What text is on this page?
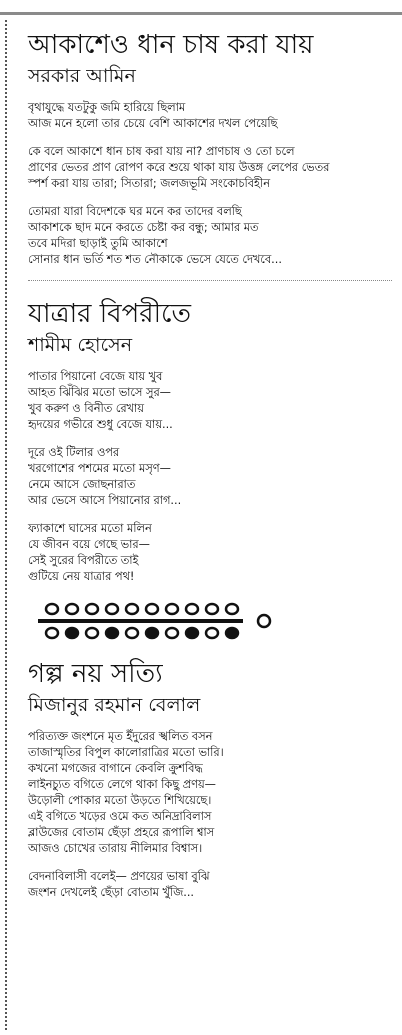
আকাশেও ধান চাষ করা যায়
সরকার আমিন
বৃথাযুদ্ধে যতটুকু জমি হারিয়ে ছিলাম
আজ মনে হলো তার চেয়ে বেশি আকাশের দখল পেয়েছি
কে বলে আকাশে ধান চাষ করা যায় না? প্রাণচাষ ও তো চলে
প্রাণের ভেতর প্রাণ রোপণ করে শুয়ে থাকা যায় উত্তঙ্গ লেপের ভেতর
স্পর্শ করা যায় তারা; সিতারা; জলজভূমি সংকোচবিহীন
তোমরা যারা বিদেশকে ঘর মনে কর তাদের বলছি
আকাশকে ছাদ মনে করতে চেষ্টা কর বন্ধু; আমার মত
তবে মদিরা ছাড়াই তুমি আকাশে
সোনার ধান ভর্তি শত শত নৌকাকে ভেসে যেতে দেখবে...
যাত্রার বিপরীতে
শামীম হোসেন
পাতার পিয়ানো বেজে যায় খুব
আহত ঝিঁঝির মতো ভাসে সুর—
খুব করুণ ও বিনীত রেখায়
হৃদয়ের গভীরে শুধু বেজে যায়...
দূরে ওই টিলার ওপর
খরগোশের পশমের মতো মসৃণ—
নেমে আসে জোছনারাত
আর ভেসে আসে পিয়ানোর রাগ...
ফ্যাকাশে ঘাসের মতো মলিন
যে জীবন বয়ে গেছে ভার—
সেই সুরের বিপরীতে তাই
গুটিয়ে নেয় যাত্রার পথ!
গল্প নয় সত্যি
মিজানুর রহমান বেলাল
পরিত্যক্ত জংশনে মৃত ইঁদুরের স্খলিত বসন
তাজাস্মৃতির বিপুল কালোরাত্রির মতো ভারি।
কখনো মগজের বাগানে কেবলি ক্রুশবিদ্ধ
লাইনচ্যুত বগিতে লেগে থাকা কিছু প্রণয়—
উড়োলী পোকার মতো উড়তে শিখিয়েছে।
এই বগিতে খড়ের ওমে কত অনিদ্রাবিলাস
ব্লাউজের বোতাম ছেঁড়া প্রহরে রূপালি শ্বাস
আজও চোখের তারায় নীলিমার বিশ্বাস।
বেদনাবিলাসী বলেই— প্রণয়ের ভাষা বুঝি
জংশন দেখলেই ছেঁড়া বোতাম খুঁজি...
